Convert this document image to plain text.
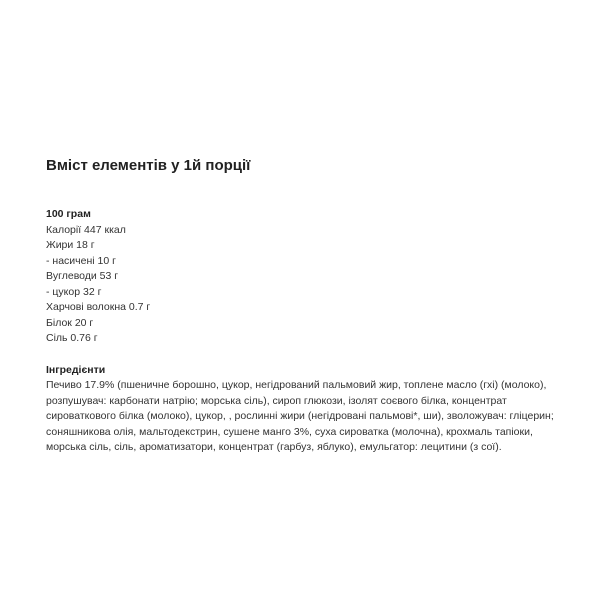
Вміст елементів у 1й порції
100 грам
Калорії 447 ккал
Жири 18 г
- насичені 10 г
Вуглеводи 53 г
- цукор 32 г
Харчові волокна 0.7 г
Білок 20 г
Сіль 0.76 г
Інгредієнти
Печиво 17.9% (пшеничне борошно, цукор, негідрований пальмовий жир, топлене масло (гхі) (молоко),
розпушувач: карбонати натрію; морська сіль), сироп глюкози, ізолят соєвого білка, концентрат
сироваткового білка (молоко), цукор, , рослинні жири (негідровані пальмові*, ши), зволожувач: гліцерин;
соняшникова олія, мальтодекстрин, сушене манго 3%, суха сироватка (молочна), крохмаль тапіоки,
морська сіль, сіль, ароматизатори, концентрат (гарбуз, яблуко), емульгатор: лецитини (з сої).
